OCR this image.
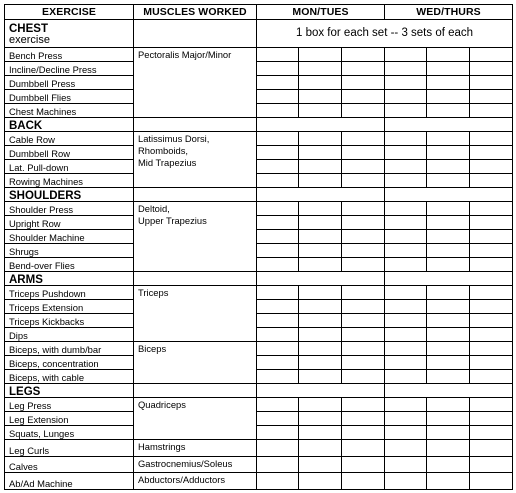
EXERCISE	MUSCLES WORKED	MON/TUES			WED/THURS		
CHEST
exercise		1 box for each set -- 3 sets of each					
Bench Press	Pectoralis Major/Minor						

Incline/Decline Press							
Dumbbell Press							
Dumbbell Flies							
Chest Machines							
BACK							
Cable Row	Latissimus Dorsi,
Rhomboids,
Mid Trapezius						

Dumbbell Row							
Lat. Pull-down							
Rowing Machines							
SHOULDERS							
Shoulder Press	Deltoid,
Upper Trapezius						

Upright Row							
Shoulder Machine							
Shrugs							
Bend-over Flies							
ARMS							
Triceps Pushdown	Triceps						

Triceps Extension							
Triceps Kickbacks							
Dips							
Biceps, with dumb/bar	Biceps						

Biceps, concentration							
Biceps, with cable							
LEGS							
Leg Press	Quadriceps						

Leg Extension							
Squats, Lunges							
Leg Curls	Hamstrings						

Calves	Gastrocnemius/Soleus						

Ab/Ad Machine	Abductors/Adductors						
